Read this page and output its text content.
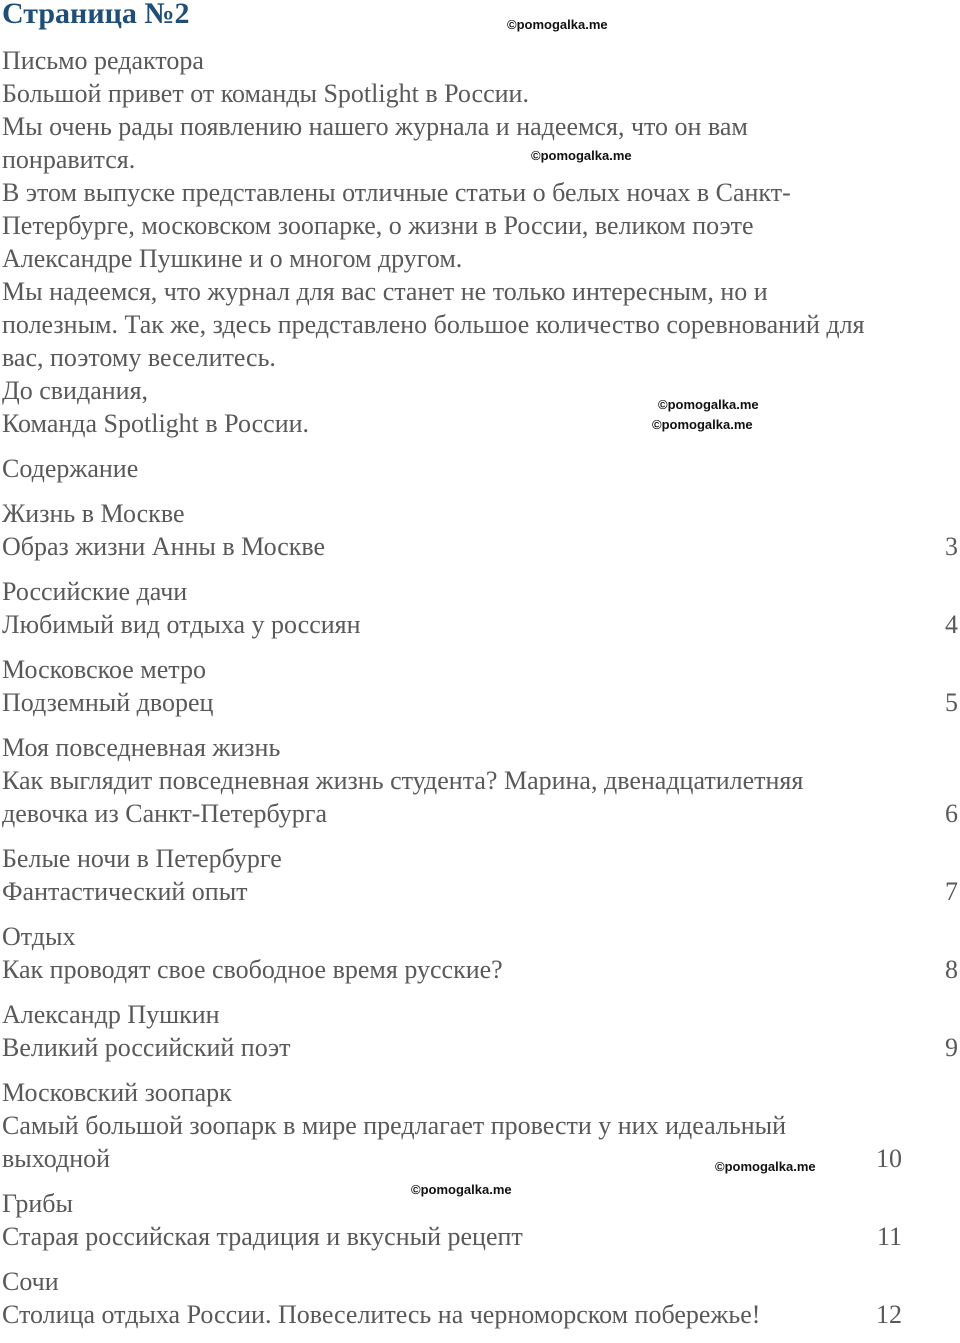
Страница №2
Письмо редактора
Большой привет от команды Spotlight в России.
Мы очень рады появлению нашего журнала и надеемся, что он вам
понравится.
В этом выпуске представлены отличные статьи о белых ночах в Санкт-
Петербурге, московском зоопарке, о жизни в России, великом поэте
Александре Пушкине и о многом другом.
Мы надеемся, что журнал для вас станет не только интересным, но и
полезным. Так же, здесь представлено большое количество соревнований для
вас, поэтому веселитесь.
До свидания,
Команда Spotlight в России.
Содержание
Жизнь в Москве
Образ жизни Анны в Москве	3
Российские дачи
Любимый вид отдыха у россиян	4
Московское метро
Подземный дворец	5
Моя повседневная жизнь
Как выглядит повседневная жизнь студента? Марина, двенадцатилетняя девочка из Санкт-Петербурга	6
Белые ночи в Петербурге
Фантастический опыт	7
Отдых
Как проводят свое свободное время русские?	8
Александр Пушкин
Великий российский поэт	9
Московский зоопарк
Самый большой зоопарк в мире предлагает провести у них идеальный выходной	10
Грибы
Старая российская традиция и вкусный рецепт	11
Сочи
Столица отдыха России. Повеселитесь на черноморском побережье!	12
©pomogalka.me
©pomogalka.me
©pomogalka.me
©pomogalka.me
©pomogalka.me
©pomogalka.me
